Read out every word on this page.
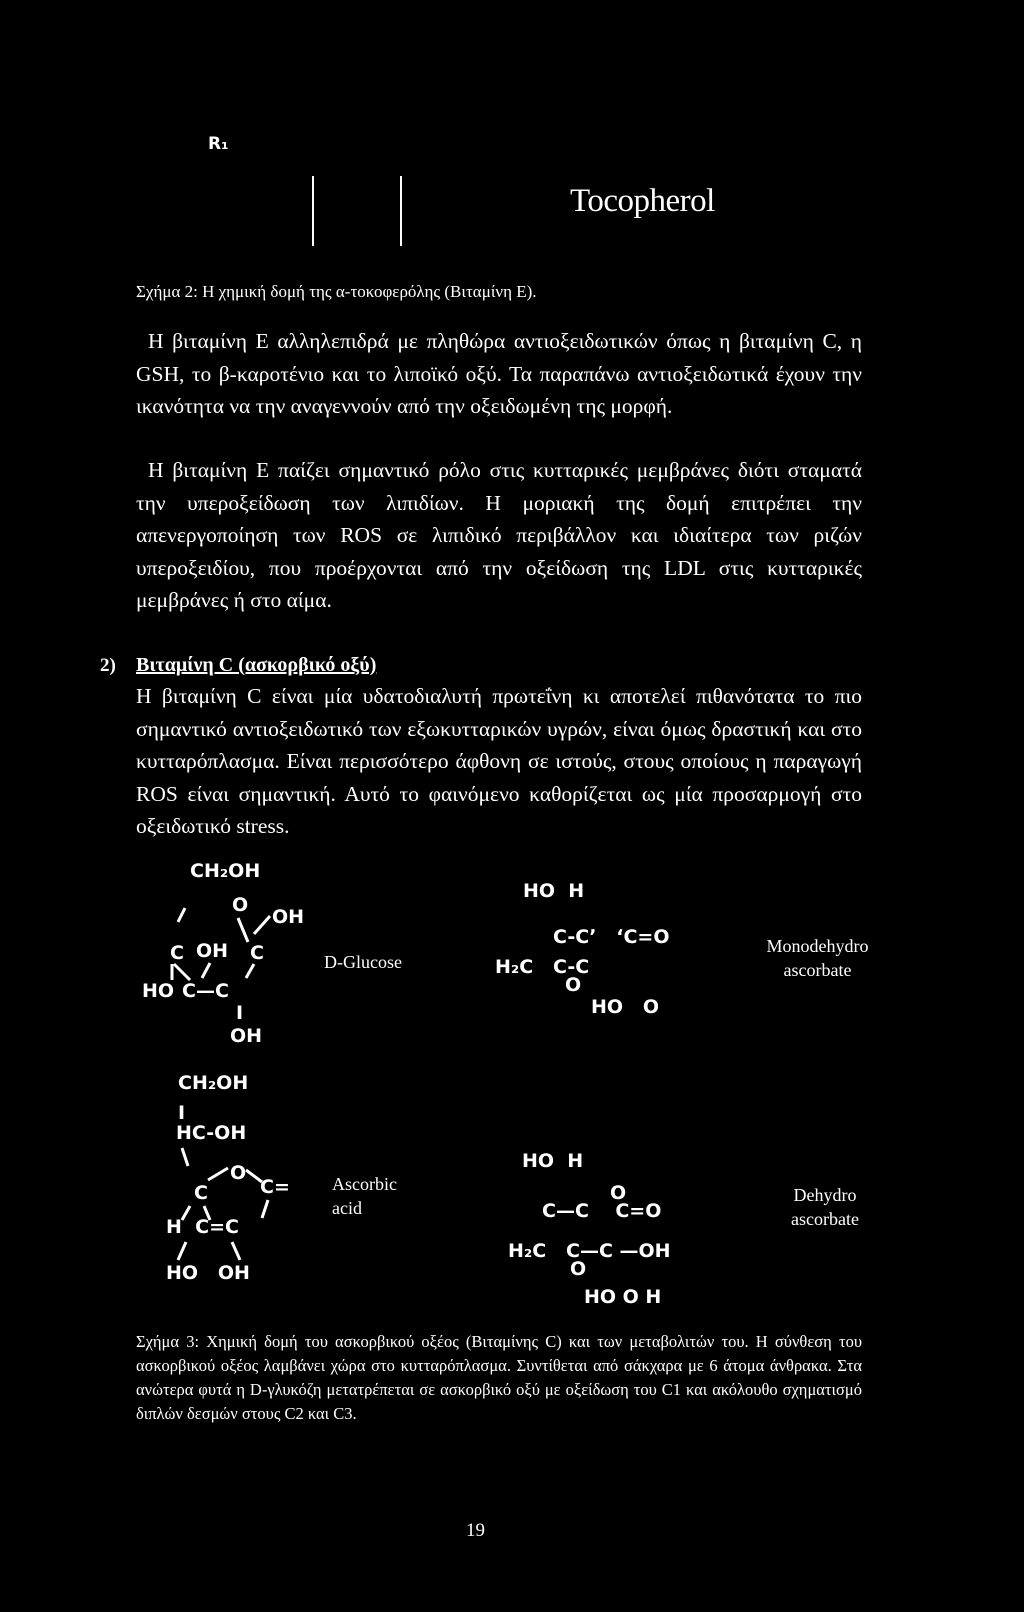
R₁
Tocopherol
Σχήμα 2: Η χημική δομή της α-τοκοφερόλης (Βιταμίνη Ε).
Η βιταμίνη Ε αλληλεπιδρά με πληθώρα αντιοξειδωτικών όπως η βιταμίνη C, η GSH, το β-καροτένιο και το λιποϊκό οξύ. Τα παραπάνω αντιοξειδωτικά έχουν την ικανότητα να την αναγεννούν από την οξειδωμένη της μορφή.
Η βιταμίνη Ε παίζει σημαντικό ρόλο στις κυτταρικές μεμβράνες διότι σταματά την υπεροξείδωση των λιπιδίων. Η μοριακή της δομή επιτρέπει την απενεργοποίηση των ROS σε λιπιδικό περιβάλλον και ιδιαίτερα των ριζών υπεροξειδίου, που προέρχονται από την οξείδωση της LDL στις κυτταρικές μεμβράνες ή στο αίμα.
2) Βιταμίνη C (ασκορβικό οξύ)
Η βιταμίνη C είναι μία υδατοδιαλυτή πρωτεΐνη κι αποτελεί πιθανότατα το πιο σημαντικό αντιοξειδωτικό των εξωκυτταρικών υγρών, είναι όμως δραστική και στο κυτταρόπλασμα. Είναι περισσότερο άφθονη σε ιστούς, στους οποίους η παραγωγή ROS είναι σημαντική. Αυτό το φαινόμενο καθορίζεται ως μία προσαρμογή στο οξειδωτικό stress.
CH₂OH
O
OH
C OH C
HO C—C
I
OH
D-Glucose
HO  H
C-Cʼ   ʻC=O
H₂C   C-C
O
HO   O
Monodehydro
ascorbate
CH₂OH
I
HC-OH
O
C=
C
H  C=C
HO   OH
Ascorbic
acid
HO  H
O
C—C    C=O
H₂C   C—C —OH
O
HO O H
Dehydro
ascorbate
Σχήμα 3: Χημική δομή του ασκορβικού οξέος (Βιταμίνης C) και των μεταβολιτών του. Η σύνθεση του ασκορβικού οξέος λαμβάνει χώρα στο κυτταρόπλασμα. Συντίθεται από σάκχαρα με 6 άτομα άνθρακα. Στα ανώτερα φυτά η D-γλυκόζη μετατρέπεται σε ασκορβικό οξύ με οξείδωση του C1 και ακόλουθο σχηματισμό διπλών δεσμών στους C2 και C3.
19
